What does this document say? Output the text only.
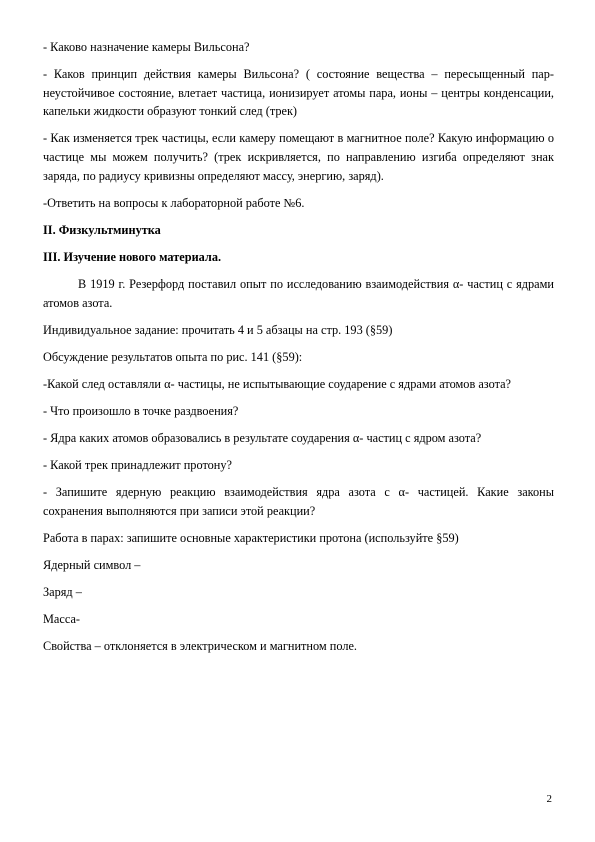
- Каково назначение камеры Вильсона?

- Каков принцип действия камеры Вильсона? ( состояние вещества – пересыщенный пар- неустойчивое состояние, влетает частица, ионизирует атомы пара, ионы – центры конденсации, капельки жидкости образуют тонкий след (трек)

- Как изменяется трек частицы, если камеру помещают в магнитное поле? Какую информацию о частице мы можем получить? (трек искривляется, по направлению изгиба определяют знак заряда, по радиусу кривизны определяют массу, энергию, заряд).

-Ответить на вопросы к лабораторной работе №6.

II. Физкультминутка

III. Изучение нового материала.

В 1919 г. Резерфорд поставил опыт по исследованию взаимодействия α- частиц с ядрами атомов азота.

Индивидуальное задание: прочитать 4 и 5 абзацы на стр. 193 (§59)

Обсуждение результатов опыта по рис. 141 (§59):

-Какой след оставляли α- частицы, не испытывающие соударение с ядрами атомов азота?

- Что произошло в точке раздвоения?

- Ядра каких атомов образовались в результате соударения α- частиц с ядром азота?

- Какой трек принадлежит протону?

- Запишите ядерную реакцию взаимодействия ядра азота с α- частицей. Какие законы сохранения выполняются при записи этой реакции?

Работа в парах: запишите основные характеристики протона (используйте §59)

Ядерный символ –

Заряд –

Масса-

Свойства – отклоняется в электрическом и магнитном поле.

2
